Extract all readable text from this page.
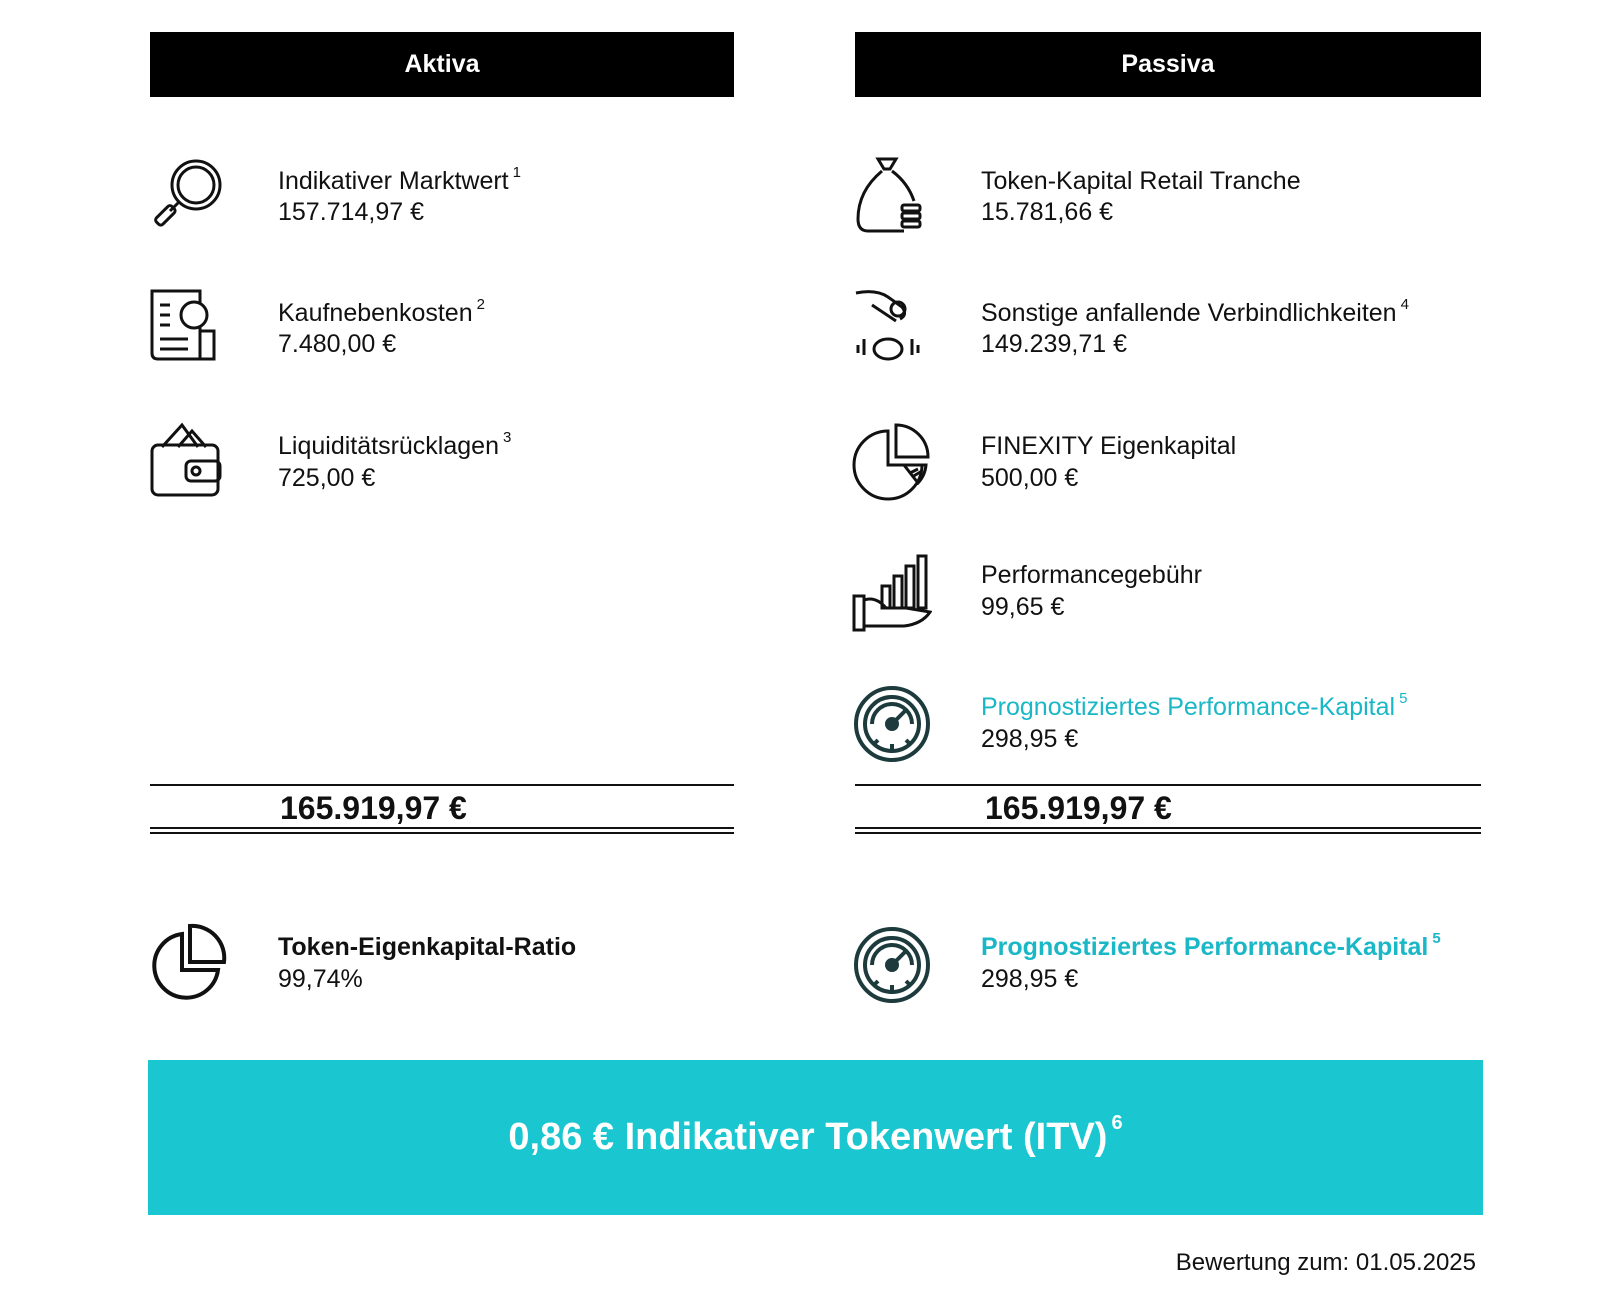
Aktiva	Passiva
Indikativer Marktwert $^1$
157.714,97 €
Kaufnebenkosten $^2$
7.480,00 €
Liquiditätsrücklagen $^3$
725,00 €
165.919,97 €
Token-Eigenkapital-Ratio
99,74%
Token-Kapital Retail Tranche
15.781,66 €
Sonstige anfallende Verbindlichkeiten $^4$
149.239,71 €
FINEXITY Eigenkapital
500,00 €
Performancegebühr
99,65 €
Prognostiziertes Performance-Kapital $^5$
298,95 €
165.919,97 €
Prognostiziertes Performance-Kapital $^5$
298,95 €
0,86 € Indikativer Tokenwert (ITV)$^6$
Bewertung zum: 01.05.2025
